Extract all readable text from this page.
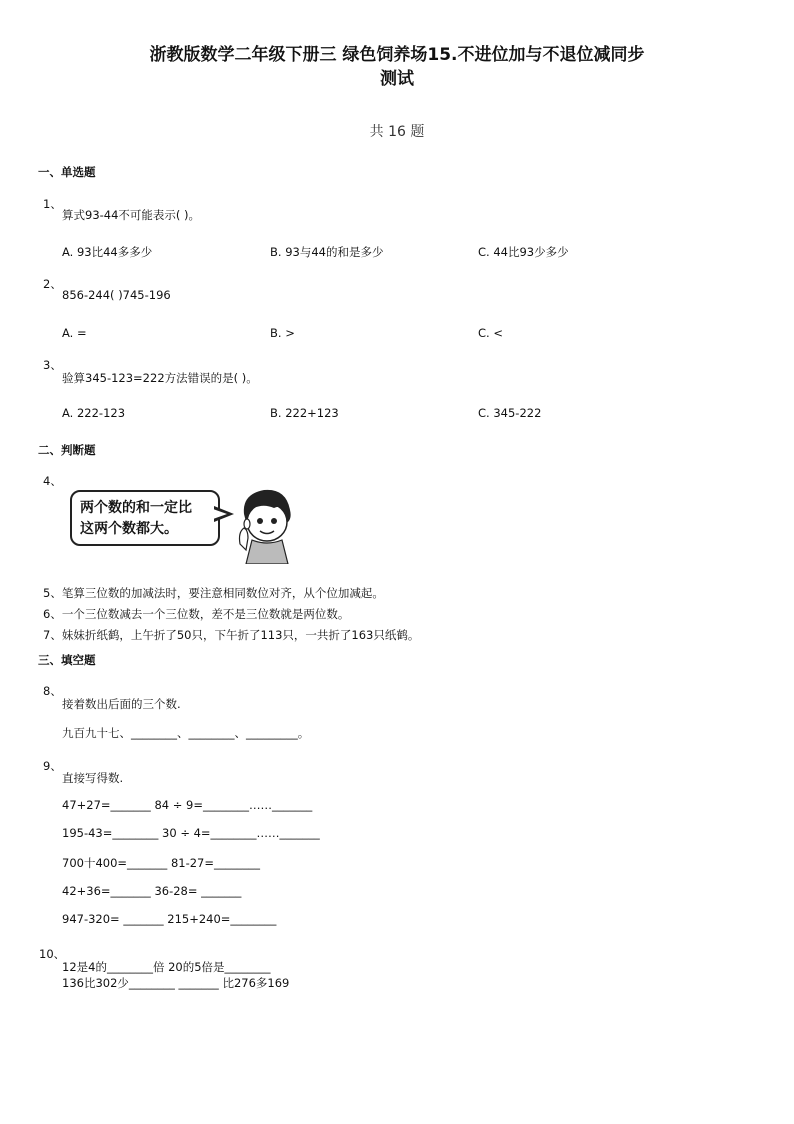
浙教版数学二年级下册三 绿色饲养场15.不进位加与不退位减同步
测试
共 16 题
一、单选题
1、
算式93-44不可能表示( )。
A. 93比44多多少	B. 93与44的和是多少	C. 44比93少多少
2、
856-244( )745-196
A. =	B. >	C. <
3、
验算345-123=222方法错误的是( )。
A. 222-123	B. 222+123	C. 345-222
二、判断题
4、
两个数的和一定比
这两个数都大。
5、笔算三位数的加减法时，要注意相同数位对齐，从个位加减起。
6、一个三位数减去一个三位数，差不是三位数就是两位数。
7、妹妹折纸鹤，上午折了50只，下午折了113只，一共折了163只纸鹤。
三、填空题
8、
接着数出后面的三个数.
九百九十七、________、________、_________。
9、
直接写得数.
47+27=_______ 84 ÷ 9=________……_______
195-43=________ 30 ÷ 4=________……_______
700十400=_______ 81-27=________
42+36=_______ 36-28= _______
947-320= _______ 215+240=________
10、
12是4的________倍 20的5倍是________
136比302少________ _______ 比276多169
